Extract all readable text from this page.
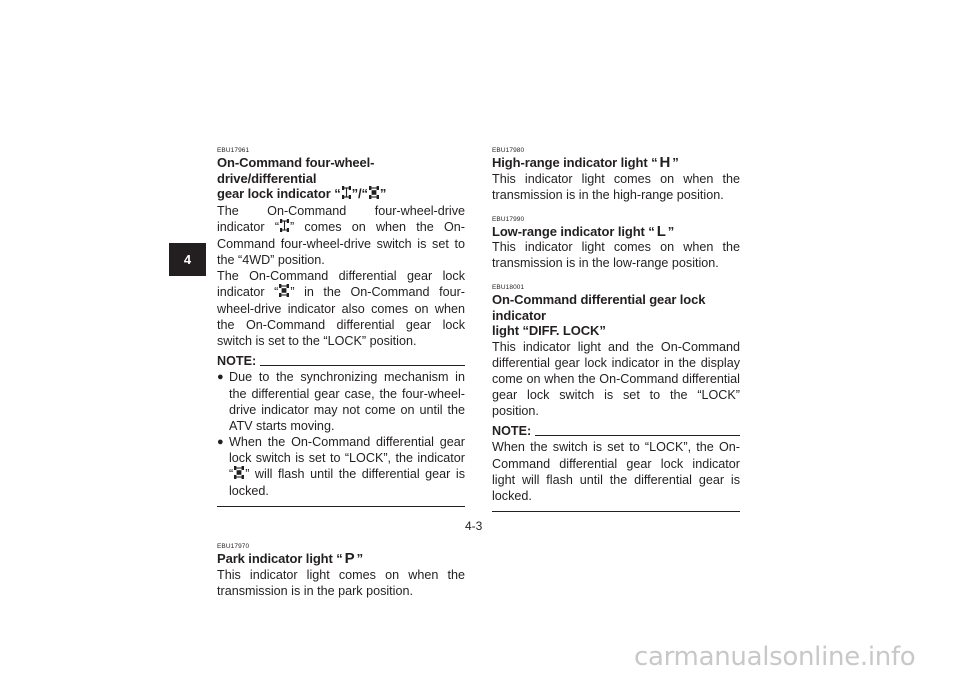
4
EBU17961
On-Command four-wheel-drive/differential
gear lock indicator “ ”/“ ”

The On-Command four-wheel-drive indicator “ ” comes on when the On-Command four-wheel-drive switch is set to the “4WD” position.

The On-Command differential gear lock indicator “ ” in the On-Command four-wheel-drive indicator also comes on when the On-Command differential gear lock switch is set to the “LOCK” position.

NOTE:
● Due to the synchronizing mechanism in the differential gear case, the four-wheel-drive indicator may not come on until the ATV starts moving.
● When the On-Command differential gear lock switch is set to “LOCK”, the indicator “ ” will flash until the differential gear is locked.
EBU17970
Park indicator light “ P ”

This indicator light comes on when the transmission is in the park position.

EBU17980
High-range indicator light “ H ”

This indicator light comes on when the transmission is in the high-range position.

EBU17990
Low-range indicator light “ L ”

This indicator light comes on when the transmission is in the low-range position.

EBU18001
On-Command differential gear lock indicator
light “DIFF. LOCK”

This indicator light and the On-Command differential gear lock indicator in the display come on when the On-Command differential gear lock switch is set to the “LOCK” position.

NOTE:

When the switch is set to “LOCK”, the On-Command differential gear lock indicator light will flash until the differential gear is locked.

4-3
carmanualsonline.info
